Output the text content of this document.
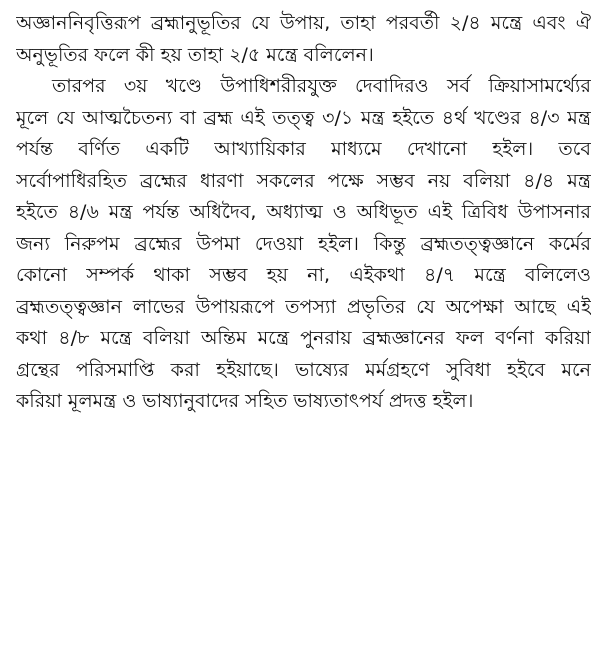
অজ্ঞাননিবৃত্তিরূপ ব্রহ্মানুভূতির যে উপায়, তাহা পরবর্তী ২/৪ মন্ত্রে এবং ঐ
অনুভূতির ফলে কী হয় তাহা ২/৫ মন্ত্রে বলিলেন।
তারপর ৩য় খণ্ডে উপাধিশরীরযুক্ত দেবাদিরও সর্ব ক্রিয়াসামর্থ্যের
মূলে যে আত্মচৈতন্য বা ব্রহ্ম এই তত্ত্ব ৩/১ মন্ত্র হইতে ৪র্থ খণ্ডের ৪/৩ মন্ত্র
পর্যন্ত বর্ণিত একটি আখ্যায়িকার মাধ্যমে দেখানো হইল। তবে
সর্বোপাধিরহিত ব্রহ্মের ধারণা সকলের পক্ষে সম্ভব নয় বলিয়া ৪/৪ মন্ত্র
হইতে ৪/৬ মন্ত্র পর্যন্ত অধিদৈব, অধ্যাত্ম ও অধিভূত এই ত্রিবিধ উপাসনার
জন্য নিরুপম ব্রহ্মের উপমা দেওয়া হইল। কিন্তু ব্রহ্মতত্ত্বজ্ঞানে কর্মের
কোনো সম্পর্ক থাকা সম্ভব হয় না, এইকথা ৪/৭ মন্ত্রে বলিলেও
ব্রহ্মতত্ত্বজ্ঞান লাভের উপায়রূপে তপস্যা প্রভৃতির যে অপেক্ষা আছে এই
কথা ৪/৮ মন্ত্রে বলিয়া অন্তিম মন্ত্রে পুনরায় ব্রহ্মজ্ঞানের ফল বর্ণনা করিয়া
গ্রন্থের পরিসমাপ্তি করা হইয়াছে। ভাষ্যের মর্মগ্রহণে সুবিধা হইবে মনে
করিয়া মূলমন্ত্র ও ভাষ্যানুবাদের সহিত ভাষ্যতাৎপর্য প্রদত্ত হইল।
